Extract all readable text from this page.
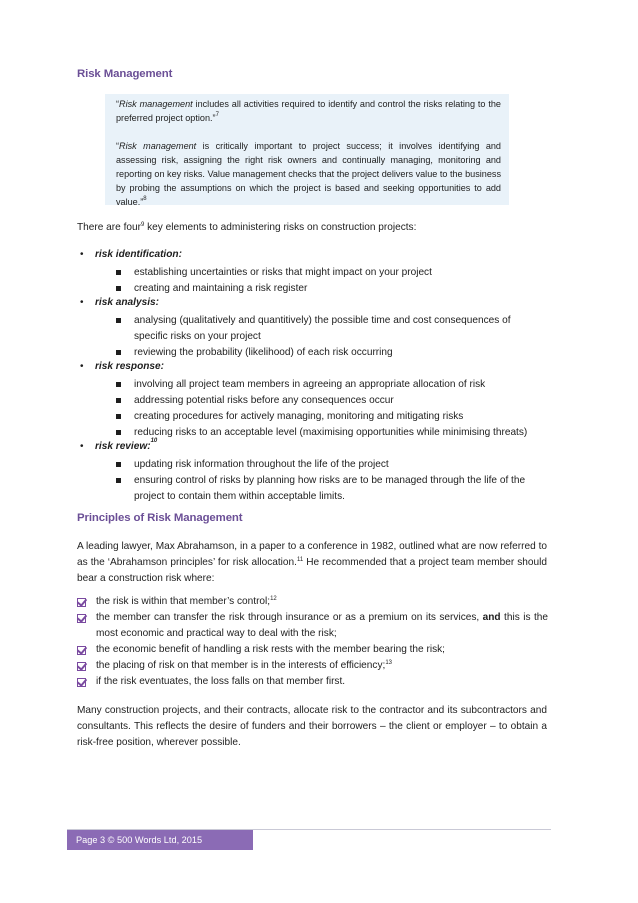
Risk Management

“Risk management includes all activities required to identify and control the risks relating to the preferred project option.”$^7$

“Risk management is critically important to project success; it involves identifying and assessing risk, assigning the right risk owners and continually managing, monitoring and reporting on key risks. Value management checks that the project delivers value to the business by probing the assumptions on which the project is based and seeking opportunities to add value.”$^8$

There are four$^9$ key elements to administering risks on construction projects:
• risk identification:
establishing uncertainties or risks that might impact on your project
creating and maintaining a risk register
• risk analysis:
analysing (qualitatively and quantitively) the possible time and cost consequences of specific risks on your project
reviewing the probability (likelihood) of each risk occurring
• risk response:
involving all project team members in agreeing an appropriate allocation of risk
addressing potential risks before any consequences occur
creating procedures for actively managing, monitoring and mitigating risks
reducing risks to an acceptable level (maximising opportunities while minimising threats)
• risk review:$^{10}$
updating risk information throughout the life of the project
ensuring control of risks by planning how risks are to be managed through the life of the project to contain them within acceptable limits.
Principles of Risk Management
A leading lawyer, Max Abrahamson, in a paper to a conference in 1982, outlined what are now referred to as the ‘Abrahamson principles’ for risk allocation.$^{11}$ He recommended that a project team member should bear a construction risk where:
the risk is within that member’s control;$^{12}$
the member can transfer the risk through insurance or as a premium on its services, and this is the most economic and practical way to deal with the risk;
the economic benefit of handling a risk rests with the member bearing the risk;
the placing of risk on that member is in the interests of efficiency;$^{13}$
if the risk eventuates, the loss falls on that member first.
Many construction projects, and their contracts, allocate risk to the contractor and its subcontractors and consultants. This reflects the desire of funders and their borrowers – the client or employer – to obtain a risk-free position, wherever possible.
Page 3 © 500 Words Ltd, 2015
